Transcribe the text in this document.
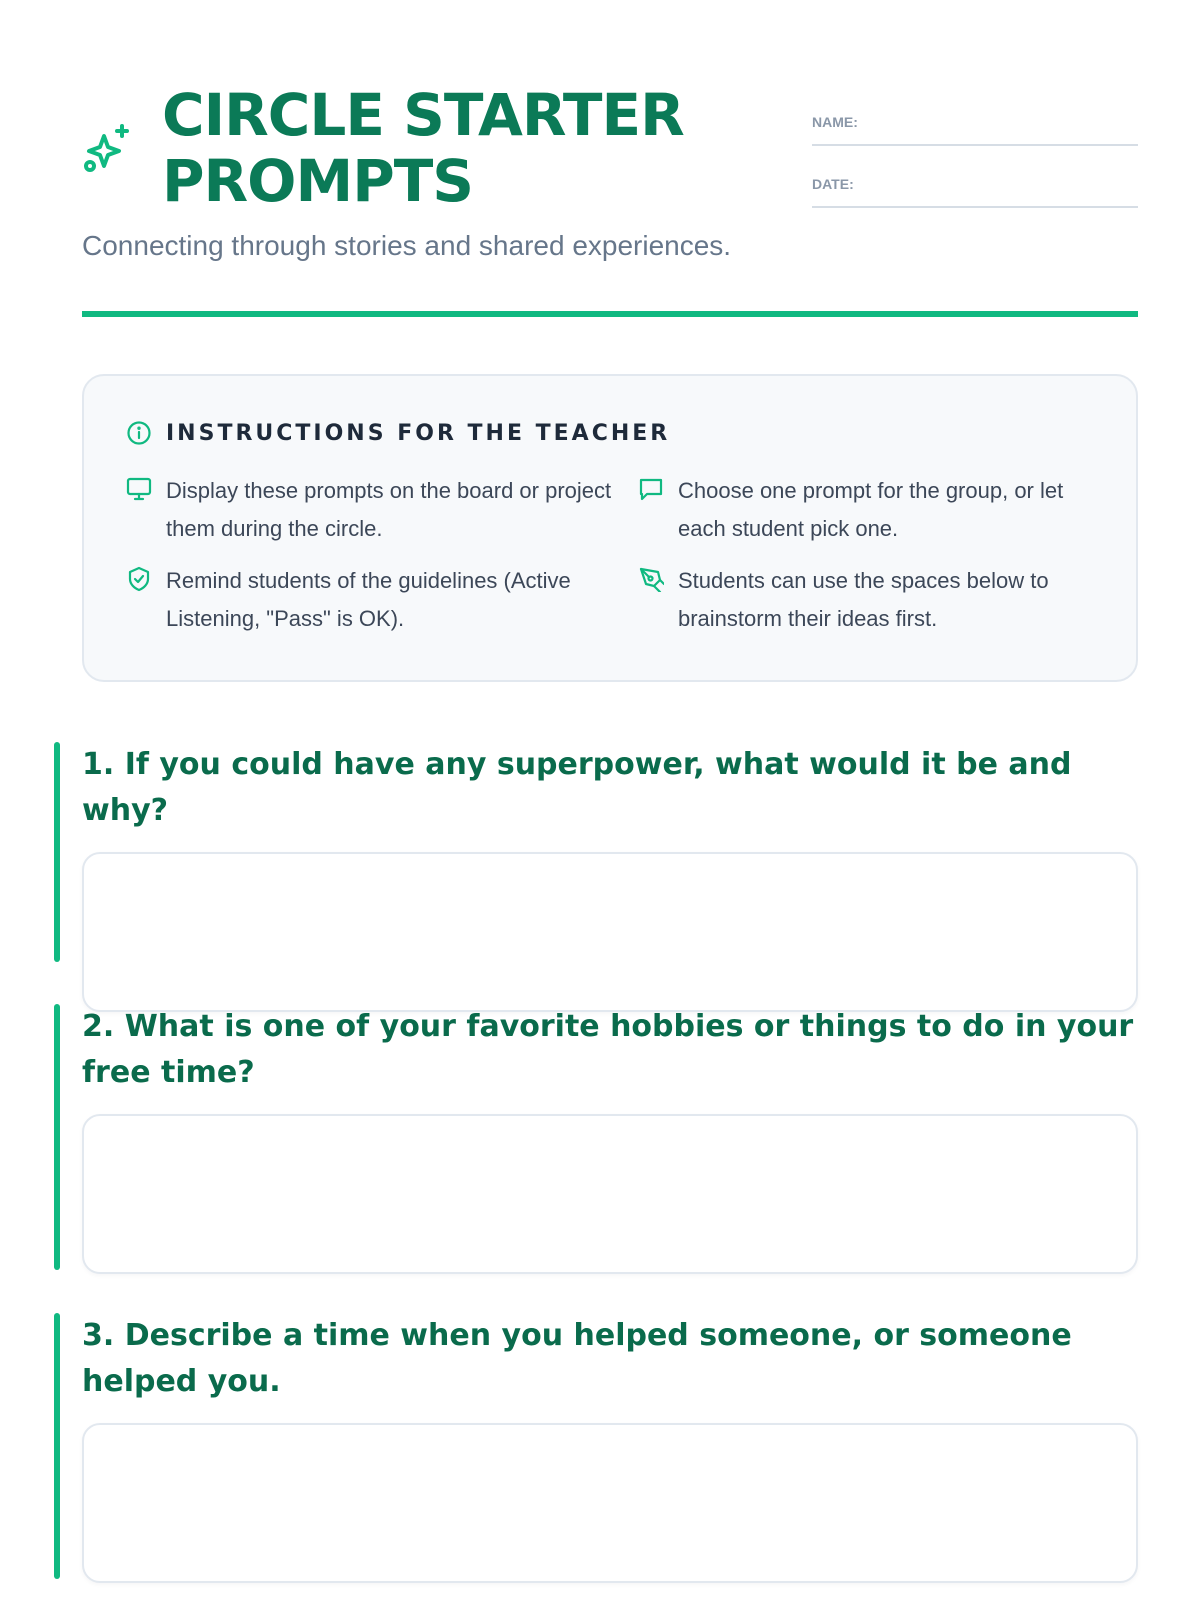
CIRCLE STARTER PROMPTS

Connecting through stories and shared experiences.

NAME:
DATE:
INSTRUCTIONS FOR THE TEACHER
Display these prompts on the board or project them during the circle.
Choose one prompt for the group, or let each student pick one.
Remind students of the guidelines (Active Listening, "Pass" is OK).
Students can use the spaces below to brainstorm their ideas first.
1. If you could have any superpower, what would it be and why?
2. What is one of your favorite hobbies or things to do in your free time?
3. Describe a time when you helped someone, or someone helped you.
